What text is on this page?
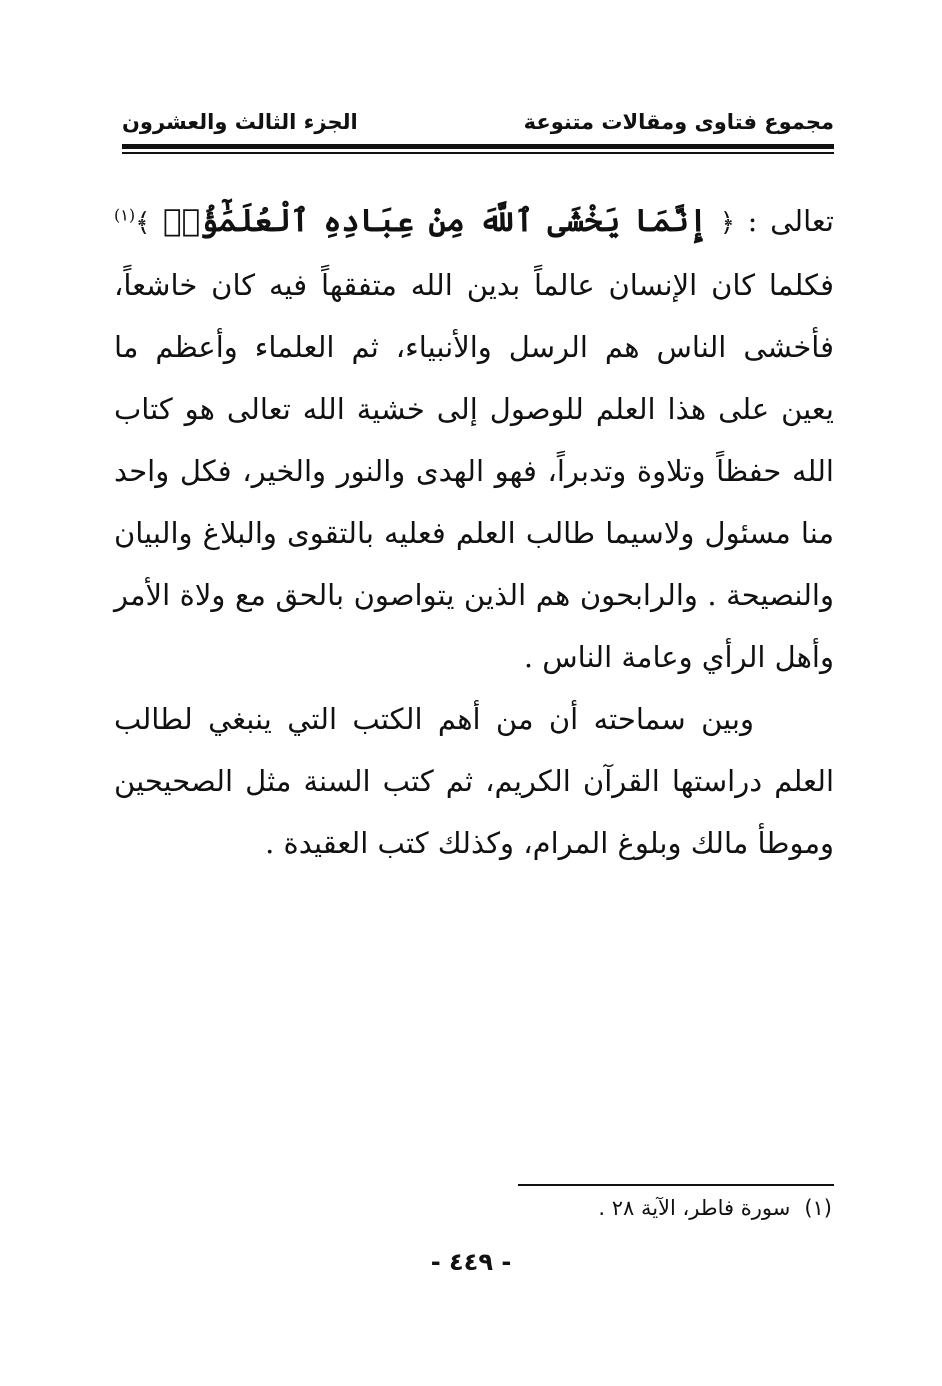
مجموع فتاوى ومقالات متنوعة
الجزء الثالث والعشرون

تعالى : ﴿ إِنَّمَا يَخْشَى ٱللَّهَ مِنْ عِبَادِهِ ٱلْعُلَمَٰٓؤُا۟ ﴾$^{(١)}$ فكلما كان الإنسان عالماً بدين الله متفقهاً فيه كان خاشعاً، فأخشى الناس هم الرسل والأنبياء، ثم العلماء وأعظم ما يعين على هذا العلم للوصول إلى خشية الله تعالى هو كتاب الله حفظاً وتلاوة وتدبراً، فهو الهدى والنور والخير، فكل واحد منا مسئول ولاسيما طالب العلم فعليه بالتقوى والبلاغ والبيان والنصيحة . والرابحون هم الذين يتواصون بالحق مع ولاة الأمر وأهل الرأي وعامة الناس .

وبين سماحته أن من أهم الكتب التي ينبغي لطالب العلم دراستها القرآن الكريم، ثم كتب السنة مثل الصحيحين وموطأ مالك وبلوغ المرام، وكذلك كتب العقيدة .

(١)سورة فاطر، الآية ٢٨ .
- ٤٤٩ -
